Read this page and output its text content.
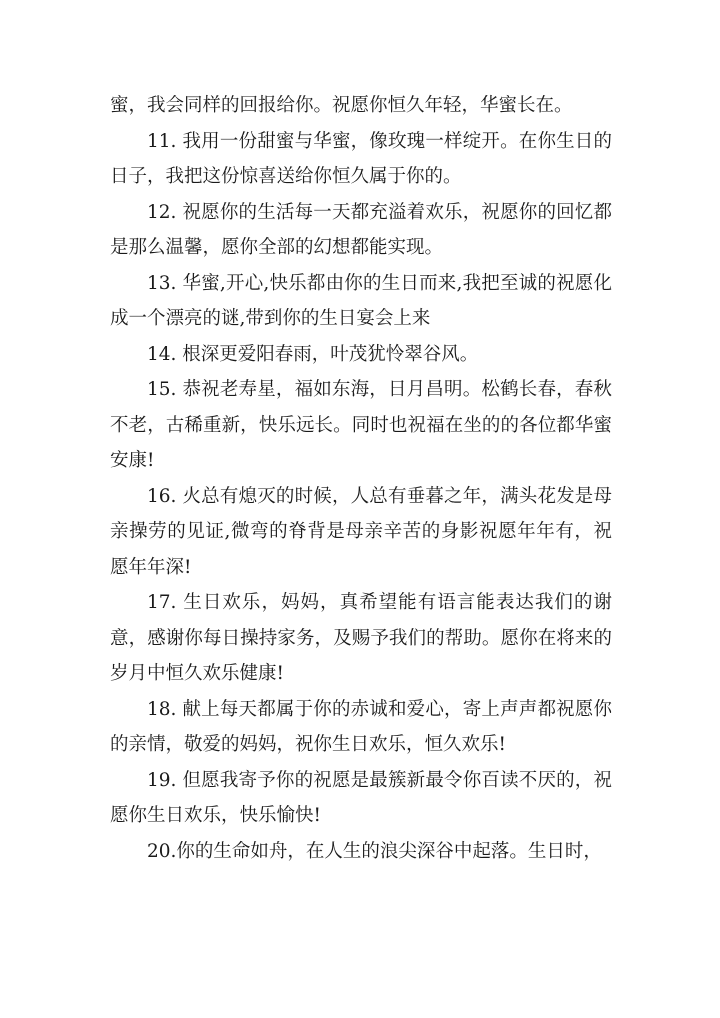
蜜，我会同样的回报给你。祝愿你恒久年轻，华蜜长在。

11. 我用一份甜蜜与华蜜，像玫瑰一样绽开。在你生日的日子，我把这份惊喜送给你恒久属于你的。

12. 祝愿你的生活每一天都充溢着欢乐，祝愿你的回忆都是那么温馨，愿你全部的幻想都能实现。

13. 华蜜,开心,快乐都由你的生日而来,我把至诚的祝愿化成一个漂亮的谜,带到你的生日宴会上来

14. 根深更爱阳春雨，叶茂犹怜翠谷风。

15. 恭祝老寿星，福如东海，日月昌明。松鹤长春，春秋不老，古稀重新，快乐远长。同时也祝福在坐的的各位都华蜜安康!

16. 火总有熄灭的时候，人总有垂暮之年，满头花发是母亲操劳的见证,微弯的脊背是母亲辛苦的身影祝愿年年有，祝愿年年深!

17. 生日欢乐，妈妈，真希望能有语言能表达我们的谢意，感谢你每日操持家务，及赐予我们的帮助。愿你在将来的岁月中恒久欢乐健康!

18. 献上每天都属于你的赤诚和爱心，寄上声声都祝愿你的亲情，敬爱的妈妈，祝你生日欢乐，恒久欢乐!

19. 但愿我寄予你的祝愿是最簇新最令你百读不厌的，祝愿你生日欢乐，快乐愉快!

20.你的生命如舟，在人生的浪尖深谷中起落。生日时，
